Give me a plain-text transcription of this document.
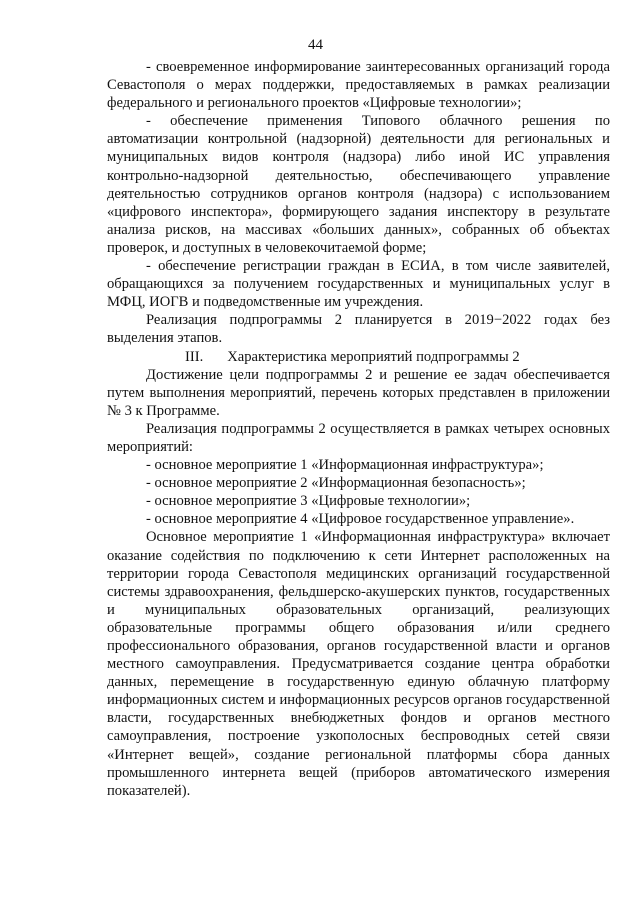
44

- своевременное информирование заинтересованных организаций города Севастополя о мерах поддержки, предоставляемых в рамках реализации федерального и регионального проектов «Цифровые технологии»;

- обеспечение применения Типового облачного решения по автоматизации контрольной (надзорной) деятельности для региональных и муниципальных видов контроля (надзора) либо иной ИС управления контрольно-надзорной деятельностью, обеспечивающего управление деятельностью сотрудников органов контроля (надзора) с использованием «цифрового инспектора», формирующего задания инспектору в результате анализа рисков, на массивах «больших данных», собранных об объектах проверок, и доступных в человекочитаемой форме;

- обеспечение регистрации граждан в ЕСИА, в том числе заявителей, обращающихся за получением государственных и муниципальных услуг в МФЦ, ИОГВ и подведомственные им учреждения.

Реализация подпрограммы 2 планируется в 2019−2022 годах без выделения этапов.

III. Характеристика мероприятий подпрограммы 2

Достижение цели подпрограммы 2 и решение ее задач обеспечивается путем выполнения мероприятий, перечень которых представлен в приложении № 3 к Программе.

Реализация подпрограммы 2 осуществляется в рамках четырех основных мероприятий:

- основное мероприятие 1 «Информационная инфраструктура»;

- основное мероприятие 2 «Информационная безопасность»;

- основное мероприятие 3 «Цифровые технологии»;

- основное мероприятие 4 «Цифровое государственное управление».

Основное мероприятие 1 «Информационная инфраструктура» включает оказание содействия по подключению к сети Интернет расположенных на территории города Севастополя медицинских организаций государственной системы здравоохранения, фельдшерско-акушерских пунктов, государственных и муниципальных образовательных организаций, реализующих образовательные программы общего образования и/или среднего профессионального образования, органов государственной власти и органов местного самоуправления. Предусматривается создание центра обработки данных, перемещение в государственную единую облачную платформу информационных систем и информационных ресурсов органов государственной власти, государственных внебюджетных фондов и органов местного самоуправления, построение узкополосных беспроводных сетей связи «Интернет вещей», создание региональной платформы сбора данных промышленного интернета вещей (приборов автоматического измерения показателей).
